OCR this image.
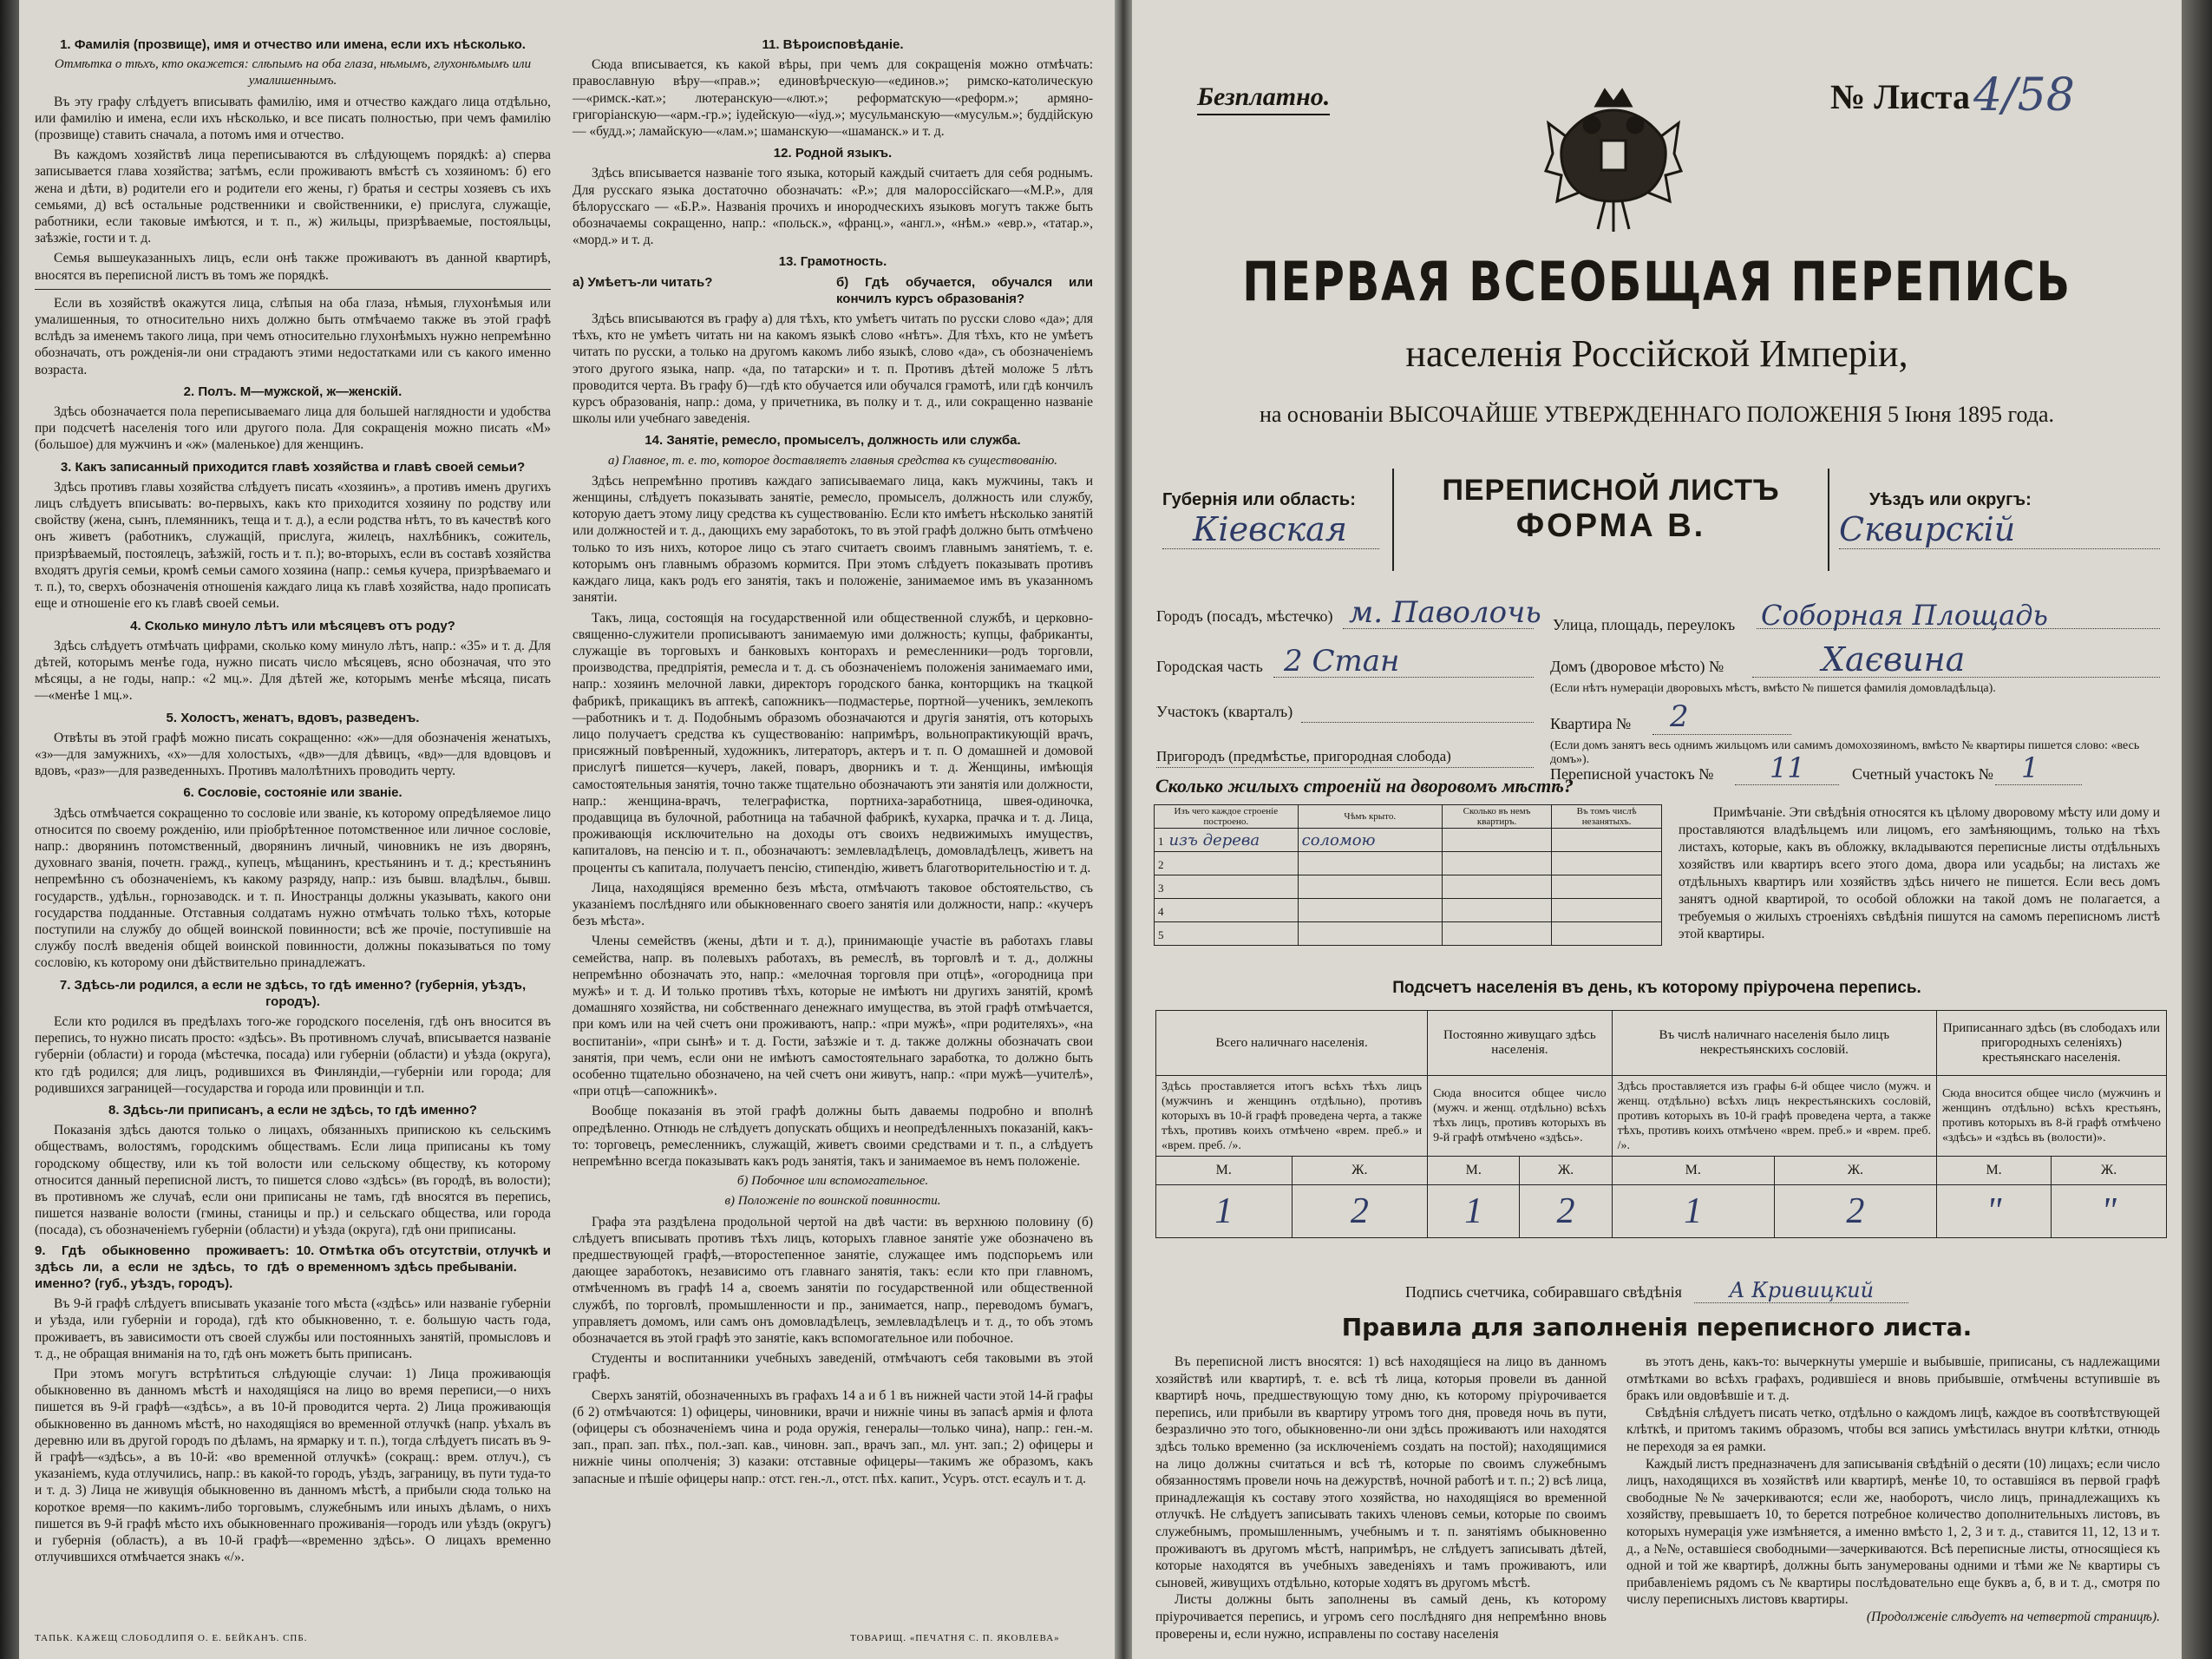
1. Фамилія (прозвище), имя и отчество или имена, если ихъ нѣсколько.

Отмѣтка о тѣхъ, кто окажется: слѣпымъ на оба глаза, нѣмымъ, глухонѣмымъ или умалишеннымъ.

Въ эту графу слѣдуетъ вписывать фамилію, имя и отчество каждаго лица отдѣльно, или фамилію и имена, если ихъ нѣсколько, и все писать полностью, при чемъ фамилію (прозвище) ставить сначала, а потомъ имя и отчество.

Въ каждомъ хозяйствѣ лица переписываются въ слѣдующемъ порядкѣ: а) сперва записывается глава хозяйства; затѣмъ, если проживаютъ вмѣстѣ съ хозяиномъ: б) его жена и дѣти, в) родители его и родители его жены, г) братья и сестры хозяевъ съ ихъ семьями, д) всѣ остальные родственники и свойственники, е) прислуга, служащіе, работники, если таковые имѣются, и т. п., ж) жильцы, призрѣваемые, постояльцы, заѣзжіе, гости и т. д.

Семья вышеуказанныхъ лицъ, если онѣ также проживаютъ въ данной квартирѣ, вносятся въ переписной листъ въ томъ же порядкѣ.

Если въ хозяйствѣ окажутся лица, слѣпыя на оба глаза, нѣмыя, глухонѣмыя или умалишенныя, то относительно нихъ должно быть отмѣчаемо также въ этой графѣ вслѣдъ за именемъ такого лица, при чемъ относительно глухонѣмыхъ нужно непремѣнно обозначать, отъ рожденія-ли они страдаютъ этими недостатками или съ какого именно возраста.

2. Полъ. М—мужской, ж—женскій.

Здѣсь обозначается пола переписываемаго лица для большей наглядности и удобства при подсчетѣ населенія того или другого пола. Для сокращенія можно писать «М» (большое) для мужчинъ и «ж» (маленькое) для женщинъ.

3. Какъ записанный приходится главѣ хозяйства и главѣ своей семьи?

Здѣсь противъ главы хозяйства слѣдуетъ писать «хозяинъ», а противъ именъ другихъ лицъ слѣдуетъ вписывать: во-первыхъ, какъ кто приходится хозяину по родству или свойству (жена, сынъ, племянникъ, теща и т. д.), а если родства нѣтъ, то въ качествѣ кого онъ живетъ (работникъ, служащій, прислуга, жилецъ, нахлѣбникъ, сожитель, призрѣваемый, постоялецъ, заѣзжій, гость и т. п.); во-вторыхъ, если въ составѣ хозяйства входятъ другія семьи, кромѣ семьи самого хозяина (напр.: семья кучера, призрѣваемаго и т. п.), то, сверхъ обозначенія отношенія каждаго лица къ главѣ хозяйства, надо прописать еще и отношеніе его къ главѣ своей семьи.

4. Сколько минуло лѣтъ или мѣсяцевъ отъ роду?

Здѣсь слѣдуетъ отмѣчать цифрами, сколько кому минуло лѣтъ, напр.: «35» и т. д. Для дѣтей, которымъ менѣе года, нужно писать число мѣсяцевъ, ясно обозначая, что это мѣсяцы, а не годы, напр.: «2 мц.». Для дѣтей же, которымъ менѣе мѣсяца, писать—«менѣе 1 мц.».

5. Холостъ, женатъ, вдовъ, разведенъ.

Отвѣты въ этой графѣ можно писать сокращенно: «ж»—для обозначенія женатыхъ, «з»—для замужнихъ, «х»—для холостыхъ, «дв»—для дѣвицъ, «вд»—для вдовцовъ и вдовъ, «раз»—для разведенныхъ. Противъ малолѣтнихъ проводить черту.

6. Сословіе, состояніе или званіе.

Здѣсь отмѣчается сокращенно то сословіе или званіе, къ которому опредѣляемое лицо относится по своему рожденію, или пріобрѣтенное потомственное или личное сословіе, напр.: дворянинъ потомственный, дворянинъ личный, чиновникъ не изъ дворянъ, духовнаго званія, почетн. гражд., купецъ, мѣщанинъ, крестьянинъ и т. д.; крестьянинъ непремѣнно съ обозначеніемъ, къ какому разряду, напр.: изъ бывш. владѣльч., бывш. государств., удѣльн., горнозаводск. и т. п. Иностранцы должны указывать, какого они государства подданные. Отставныя солдатамъ нужно отмѣчать только тѣхъ, которые поступили на службу до общей воинской повинности; всѣ же прочіе, поступившіе на службу послѣ введенія общей воинской повинности, должны показываться по тому сословію, къ которому они дѣйствительно принадлежатъ.

7. Здѣсь-ли родился, а если не здѣсь, то гдѣ именно? (губернія, уѣздъ, городъ).

Если кто родился въ предѣлахъ того-же городского поселенія, гдѣ онъ вносится въ перепись, то нужно писать просто: «здѣсь». Въ противномъ случаѣ, вписывается названіе губерніи (области) и города (мѣстечка, посада) или губерніи (области) и уѣзда (округа), кто гдѣ родился; для лицъ, родившихся въ Финляндіи,—губерніи или города; для родившихся заграницей—государства и города или провинціи и т.п.

8. Здѣсь-ли приписанъ, а если не здѣсь, то гдѣ именно?

Показанія здѣсь даются только о лицахъ, обязанныхъ припискою къ сельскимъ обществамъ, волостямъ, городскимъ обществамъ. Если лица приписаны къ тому городскому обществу, или къ той волости или сельскому обществу, къ которому относится данный переписной листъ, то пишется слово «здѣсь» (въ городѣ, въ волости); въ противномъ же случаѣ, если они приписаны не тамъ, гдѣ вносятся въ перепись, пишется названіе волости (гмины, станицы и пр.) и сельскаго общества, или города (посада), съ обозначеніемъ губерніи (области) и уѣзда (округа), гдѣ они приписаны.

9. Гдѣ обыкновенно проживаетъ: здѣсь ли, а если не здѣсь, то гдѣ именно? (губ., уѣздъ, городъ).
10. Отмѣтка объ отсутствіи, отлучкѣ и о временномъ здѣсь пребываніи.

Въ 9-й графѣ слѣдуетъ вписывать указаніе того мѣста («здѣсь» или названіе губерніи и уѣзда, или губерніи и города), гдѣ кто обыкновенно, т. е. большую часть года, проживаетъ, въ зависимости отъ своей службы или постоянныхъ занятій, промысловъ и т. д., не обращая вниманія на то, гдѣ онъ можетъ быть приписанъ.

При этомъ могутъ встрѣтиться слѣдующіе случаи: 1) Лица проживающія обыкновенно въ данномъ мѣстѣ и находящіяся на лицо во время переписи,—о нихъ пишется въ 9-й графѣ—«здѣсь», а въ 10-й проводится черта. 2) Лица проживающія обыкновенно въ данномъ мѣстѣ, но находящіяся во временной отлучкѣ (напр. уѣхалъ въ деревню или въ другой городъ по дѣламъ, на ярмарку и т. п.), тогда слѣдуетъ писать въ 9-й графѣ—«здѣсь», а въ 10-й: «во временной отлучкѣ» (сокращ.: врем. отлуч.), съ указаніемъ, куда отлучились, напр.: въ какой-то городъ, уѣздъ, заграницу, въ пути туда-то и т. д. 3) Лица не живущія обыкновенно въ данномъ мѣстѣ, а прибыли сюда только на короткое время—по какимъ-либо торговымъ, служебнымъ или иныхъ дѣламъ, о нихъ пишется въ 9-й графѣ мѣсто ихъ обыкновеннаго проживанія—городъ или уѣздъ (округъ) и губернія (область), а въ 10-й графѣ—«временно здѣсь». О лицахъ временно отлучившихся отмѣчается знакъ «/».

11. Вѣроисповѣданіе.

Сюда вписывается, къ какой вѣры, при чемъ для сокращенія можно отмѣчать: православную вѣру—«прав.»; единовѣрческую—«единов.»; римско-католическую—«римск.-кат.»; лютеранскую—«лют.»; реформатскую—«реформ.»; армяно-григоріанскую—«арм.-гр.»; іудейскую—«іуд.»; мусульманскую—«мусульм.»; буддійскую — «будд.»; ламайскую—«лам.»; шаманскую—«шаманск.» и т. д.

12. Родной языкъ.

Здѣсь вписывается названіе того языка, который каждый считаетъ для себя роднымъ. Для русскаго языка достаточно обозначать: «Р.»; для малороссійскаго—«М.Р.», для бѣлорусскаго — «Б.Р.». Названія прочихъ и инородческихъ языковъ могутъ также быть обозначаемы сокращенно, напр.: «польск.», «франц.», «англ.», «нѣм.» «евр.», «татар.», «морд.» и т. д.

13. Грамотность.

а) Умѣетъ-ли читать?	б) Гдѣ обучается, обучался или кончилъ курсъ образованія?

Здѣсь вписываются въ графу а) для тѣхъ, кто умѣетъ читать по русски слово «да»; для тѣхъ, кто не умѣетъ читать ни на какомъ языкѣ слово «нѣтъ». Для тѣхъ, кто не умѣетъ читать по русски, а только на другомъ какомъ либо языкѣ, слово «да», съ обозначеніемъ этого другого языка, напр. «да, по татарски» и т. п. Противъ дѣтей моложе 5 лѣтъ проводится черта. Въ графу б)—гдѣ кто обучается или обучался грамотѣ, или гдѣ кончилъ курсъ образованія, напр.: дома, у причетника, въ полку и т. д., или сокращенно названіе школы или учебнаго заведенія.

14. Занятіе, ремесло, промыселъ, должность или служба.

а) Главное, т. е. то, которое доставляетъ главныя средства къ существованію.

Здѣсь непремѣнно противъ каждаго записываемаго лица, какъ мужчины, такъ и женщины, слѣдуетъ показывать занятіе, ремесло, промыселъ, должность или службу, которую даетъ этому лицу средства къ существованію. Если кто имѣетъ нѣсколько занятій или должностей и т. д., дающихъ ему заработокъ, то въ этой графѣ должно быть отмѣчено только то изъ нихъ, которое лицо съ этаго считаетъ своимъ главнымъ занятіемъ, т. е. которымъ онъ главнымъ образомъ кормится. При этомъ слѣдуетъ показывать противъ каждаго лица, какъ родъ его занятія, такъ и положеніе, занимаемое имъ въ указанномъ занятіи.

Такъ, лица, состоящія на государственной или общественной службѣ, и церковно-священно-служители прописываютъ занимаемую ими должность; купцы, фабриканты, служащіе въ торговыхъ и банковыхъ конторахъ и ремесленники—родъ торговли, производства, предпріятія, ремесла и т. д. съ обозначеніемъ положенія занимаемаго ими, напр.: хозяинъ мелочной лавки, директоръ городского банка, конторщикъ на ткацкой фабрикѣ, прикащикъ въ аптекѣ, сапожникъ—подмастерье, портной—ученикъ, землекопъ—работникъ и т. д. Подобнымъ образомъ обозначаются и другія занятія, отъ которыхъ лицо получаетъ средства къ существованію: напримѣръ, вольнопрактикующій врачъ, присяжный повѣренный, художникъ, литераторъ, актеръ и т. п. О домашней и домовой прислугѣ пишется—кучеръ, лакей, поваръ, дворникъ и т. д. Женщины, имѣющія самостоятельныя занятія, точно также тщательно обозначаютъ эти занятія или должности, напр.: женщина-врачъ, телеграфистка, портниха-заработница, швея-одиночка, продавщица въ булочной, работница на табачной фабрикѣ, кухарка, прачка и т. д. Лица, проживающія исключительно на доходы отъ своихъ недвижимыхъ имуществъ, капиталовъ, на пенсію и т. п., обозначаютъ: землевладѣлецъ, домовладѣлецъ, живетъ на проценты съ капитала, получаетъ пенсію, стипендію, живетъ благотворительностію и т. д.

Лица, находящіяся временно безъ мѣста, отмѣчаютъ таковое обстоятельство, съ указаніемъ послѣдняго или обыкновеннаго своего занятія или должности, напр.: «кучеръ безъ мѣста».

Члены семействъ (жены, дѣти и т. д.), принимающіе участіе въ работахъ главы семейства, напр. въ полевыхъ работахъ, въ ремеслѣ, въ торговлѣ и т. д., должны непремѣнно обозначать это, напр.: «мелочная торговля при отцѣ», «огородница при мужѣ» и т. д. И только противъ тѣхъ, которые не имѣютъ ни другихъ занятій, кромѣ домашняго хозяйства, ни собственнаго денежнаго имущества, въ этой графѣ отмѣчается, при комъ или на чей счетъ они проживаютъ, напр.: «при мужѣ», «при родителяхъ», «на воспитаніи», «при сынѣ» и т. д. Гости, заѣзжіе и т. д. также должны обозначать свои занятія, при чемъ, если они не имѣютъ самостоятельнаго заработка, то должно быть особенно тщательно обозначено, на чей счетъ они живутъ, напр.: «при мужѣ—учителѣ», «при отцѣ—сапожникѣ».

Вообще показанія въ этой графѣ должны быть даваемы подробно и вполнѣ опредѣленно. Отнюдь не слѣдуетъ допускать общихъ и неопредѣленныхъ показаній, какъ-то: торговецъ, ремесленникъ, служащій, живетъ своими средствами и т. п., а слѣдуетъ непремѣнно всегда показывать какъ родъ занятія, такъ и занимаемое въ немъ положеніе.

б) Побочное или вспомогательное.

в) Положеніе по воинской повинности.

Графа эта раздѣлена продольной чертой на двѣ части: въ верхнюю половину (б) слѣдуетъ вписывать противъ тѣхъ лицъ, которыхъ главное занятіе уже обозначено въ предшествующей графѣ,—второстепенное занятіе, служащее имъ подспорьемъ или дающее заработокъ, независимо отъ главнаго занятія, такъ: если кто при главномъ, отмѣченномъ въ графѣ 14 а, своемъ занятіи по государственной или общественной службѣ, по торговлѣ, промышленности и пр., занимается, напр., переводомъ бумагъ, управляетъ домомъ, или самъ онъ домовладѣлецъ, землевладѣлецъ и т. д., то объ этомъ обозначается въ этой графѣ это занятіе, какъ вспомогательное или побочное.

Студенты и воспитанники учебныхъ заведеній, отмѣчаютъ себя таковыми въ этой графѣ.

Сверхъ занятій, обозначенныхъ въ графахъ 14 а и б 1 въ нижней части этой 14-й графы (б 2) отмѣчаются: 1) офицеры, чиновники, врачи и нижніе чины въ запасѣ армія и флота (офицеры съ обозначеніемъ чина и рода оружія, генералы—только чина), напр.: ген.-м. зап., прап. зап. пѣх., пол.-зап. кав., чиновн. зап., врачъ зап., мл. унт. зап.; 2) офицеры и нижніе чины ополченія; 3) казаки: отставные офицеры—такимъ же образомъ, какъ запасные и пѣшіе офицеры напр.: отст. ген.-л., отст. пѣх. капит., Усуръ. отст. есаулъ и т. д.

ТАПЬК. КАЖЕЩ СЛОБОДЛИПЯ О. Е. БЕЙКАНЪ. СПБ.	ТОВАРИЩ. «ПЕЧАТНЯ С. П. ЯКОВЛЕВА»
Безплатно.	№ Листа 4/58
ПЕРВАЯ ВСЕОБЩАЯ ПЕРЕПИСЬ
населенія Россійской Имперіи,
на основаніи ВЫСОЧАЙШЕ УТВЕРЖДЕННАГО ПОЛОЖЕНІЯ 5 Іюня 1895 года.
Губернія или область:
Кіевская
ПЕРЕПИСНОЙ ЛИСТЪ
ФОРМА В.
Уѣздъ или округъ:
Сквирскій
Городъ (посадъ, мѣстечко) м. Паволочь Улица, площадь, переулокъ Соборная Площадь
Городская часть 2 Стан	Домъ (дворовое мѣсто) №	Хаєвина
(Если нѣтъ нумераціи дворовыхъ мѣстъ, вмѣсто № пишется фамилія домовладѣльца).
Участокъ (кварталъ)
Квартира № 2
(Если домъ занятъ весь однимъ жильцомъ или самимъ домохозяиномъ, вмѣсто № квартиры пишется слово: «весь домъ»).
Пригородъ (предмѣстье, пригородная слобода)
Переписной участокъ № 11	Счетный участокъ № 1
Сколько жилыхъ строеній на дворовомъ мѣстѣ?
Изъ чего каждое строеніе построено.	Чѣмъ крыто.	Сколько въ немъ квартиръ.	Въ томъ числѣ незанятыхъ.
1 изъ дерева	соломою		
2			
3			
4			
5			

Примѣчаніе. Эти свѣдѣнія относятся къ цѣлому дворовому мѣсту или дому и проставляются владѣльцемъ или лицомъ, его замѣняющимъ, только на тѣхъ листахъ, которые, какъ въ обложку, вкладываются переписные листы отдѣльныхъ хозяйствъ или квартиръ всего этого дома, двора или усадьбы; на листахъ же отдѣльныхъ квартиръ или хозяйствъ здѣсь ничего не пишется. Если весь домъ занятъ одной квартирой, то особой обложки на такой домъ не полагается, а требуемыя о жилыхъ строеніяхъ свѣдѣнія пишутся на самомъ переписномъ листѣ этой квартиры.

Подсчетъ населенія въ день, къ которому пріурочена перепись.
Всего наличнаго населенія.		Постоянно живущаго здѣсь населенія.		Въ числѣ наличнаго населенія было лицъ некрестьянскихъ сословій.		Приписаннаго здѣсь (въ слободахъ или пригородныхъ селеніяхъ) крестьянскаго населенія.	
Здѣсь проставляется итогъ всѣхъ тѣхъ лицъ (мужчинъ и женщинъ отдѣльно), противъ которыхъ въ 10-й графѣ проведена черта, а также тѣхъ, противъ коихъ отмѣчено «врем. преб.» и «врем. преб. /».		Сюда вносится общее число (мужч. и женщ. отдѣльно) всѣхъ тѣхъ лицъ, противъ которыхъ въ 9-й графѣ отмѣчено «здѣсь».		Здѣсь проставляется изъ графы 6-й общее число (мужч. и женщ. отдѣльно) всѣхъ лицъ некрестьянскихъ сословій, противъ которыхъ въ 10-й графѣ проведена черта, а также тѣхъ, противъ коихъ отмѣчено «врем. преб.» и «врем. преб. /».		Сюда вносится общее число (мужчинъ и женщинъ отдѣльно) всѣхъ крестьянъ, противъ которыхъ въ 8-й графѣ отмѣчено «здѣсь» и «здѣсь въ (волости)».	
М.	Ж.	М.	Ж.	М.	Ж.	М.	Ж.
1	2	1	2	1	2	"	"
Подпись счетчика, собиравшаго свѣдѣнія А Кривицкий
Правила для заполненія переписного листа.

Въ переписной листъ вносятся: 1) всѣ находящіеся на лицо въ данномъ хозяйствѣ или квартирѣ, т. е. всѣ тѣ лица, которыя провели въ данной квартирѣ ночь, предшествующую тому дню, къ которому пріурочивается перепись, или прибыли въ квартиру утромъ того дня, проведя ночь въ пути, безразлично это того, обыкновенно-ли они здѣсь проживаютъ или находятся здѣсь только временно (за исключеніемъ создать на постой); находящимися на лицо должны считаться и всѣ тѣ, которые по своимъ служебнымъ обязанностямъ провели ночь на дежурствѣ, ночной работѣ и т. п.; 2) всѣ лица, принадлежащія къ составу этого хозяйства, но находящіяся во временной отлучкѣ. Не слѣдуетъ записывать такихъ членовъ семьи, которые по своимъ служебнымъ, промышленнымъ, учебнымъ и т. п. занятіямъ обыкновенно проживаютъ въ другомъ мѣстѣ, напримѣръ, не слѣдуетъ записывать дѣтей, которые находятся въ учебныхъ заведеніяхъ и тамъ проживаютъ, или сыновей, живущихъ отдѣльно, которые ходятъ въ другомъ мѣстѣ.

Листы должны быть заполнены въ самый день, къ которому пріурочивается перепись, и угромъ сего послѣдняго дня непремѣнно вновь проверены и, если нужно, исправлены по составу населенія

въ этотъ день, какъ-то: вычеркнуты умершіе и выбывшіе, приписаны, съ надлежащими отмѣтками во всѣхъ графахъ, родившіеся и вновь прибывшіе, отмѣчены вступившіе въ бракъ или овдовѣвшіе и т. д.

Свѣдѣнія слѣдуетъ писать четко, отдѣльно о каждомъ лицѣ, каждое въ соотвѣтствующей клѣткѣ, и притомъ такимъ образомъ, чтобы вся запись умѣстилась внутри клѣтки, отнюдь не переходя за ея рамки.

Каждый листъ предназначенъ для записыванія свѣдѣній о десяти (10) лицахъ; если число лицъ, находящихся въ хозяйствѣ или квартирѣ, менѣе 10, то оставшіяся въ первой графѣ свободные №№ зачеркиваются; если же, наоборотъ, число лицъ, принадлежащихъ къ хозяйству, превышаетъ 10, то берется потребное количество дополнительныхъ листовъ, въ которыхъ нумерація уже измѣняется, а именно вмѣсто 1, 2, 3 и т. д., ставится 11, 12, 13 и т. д., а №№, оставшіеся свободными—зачеркиваются. Всѣ переписные листы, относящіеся къ одной и той же квартирѣ, должны быть занумерованы одними и тѣми же № квартиры съ прибавленіемъ рядомъ съ № квартиры послѣдовательно еще буквъ а, б, в и т. д., смотря по числу переписныхъ листовъ квартиры.

(Продолженіе слѣдуетъ на четвертой страницѣ).
